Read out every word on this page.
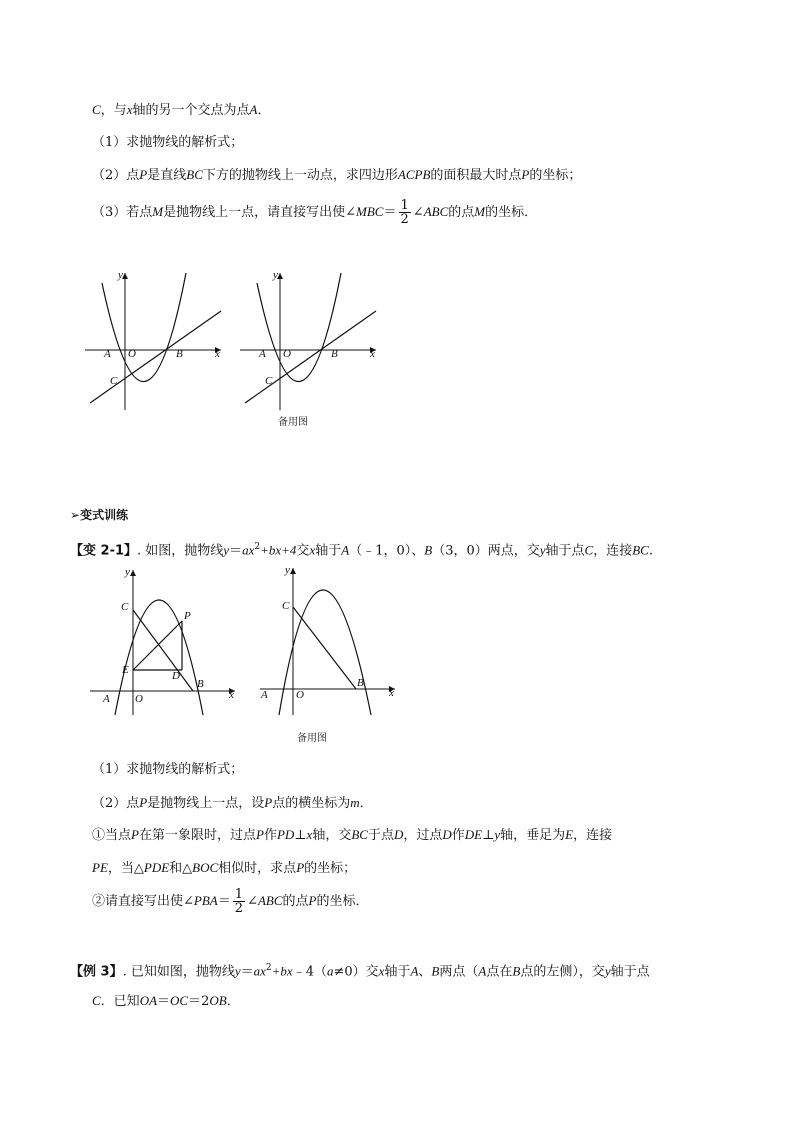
C，与x轴的另一个交点为点A．
（1）求抛物线的解析式；
（2）点P是直线BC下方的抛物线上一动点，求四边形ACPB的面积最大时点P的坐标；
（3）若点M是抛物线上一点，请直接写出使∠MBC＝ $\frac{1}{2}$ ∠ABC的点M的坐标．
y
x
A O	B
C
y
x
A O	B
C
备用图
➢变式训练
【变 2-1】. 如图，抛物线$y=ax^2+bx+4$交x轴于A（﹣1，0）、B（3，0）两点，交y轴于点C，连接BC.
y
x
A O
B
C
P
E	D
y
x
A	O
B
C
备用图
（1）求抛物线的解析式；
（2）点P是抛物线上一点，设P点的横坐标为m．
①当点P在第一象限时，过点P作PD⊥x轴，交BC于点D，过点D作DE⊥y轴，垂足为E，连接
PE，当△PDE和△BOC相似时，求点P的坐标；
②请直接写出使∠PBA＝ $\frac{1}{2}$ ∠ABC的点P的坐标．
【例 3】. 已知如图，抛物线$y=ax^2+bx﹣4(a\ne 0)$交x轴于A、B两点（A点在B点的左侧），交y轴于点
C．已知OA＝OC＝2OB．
